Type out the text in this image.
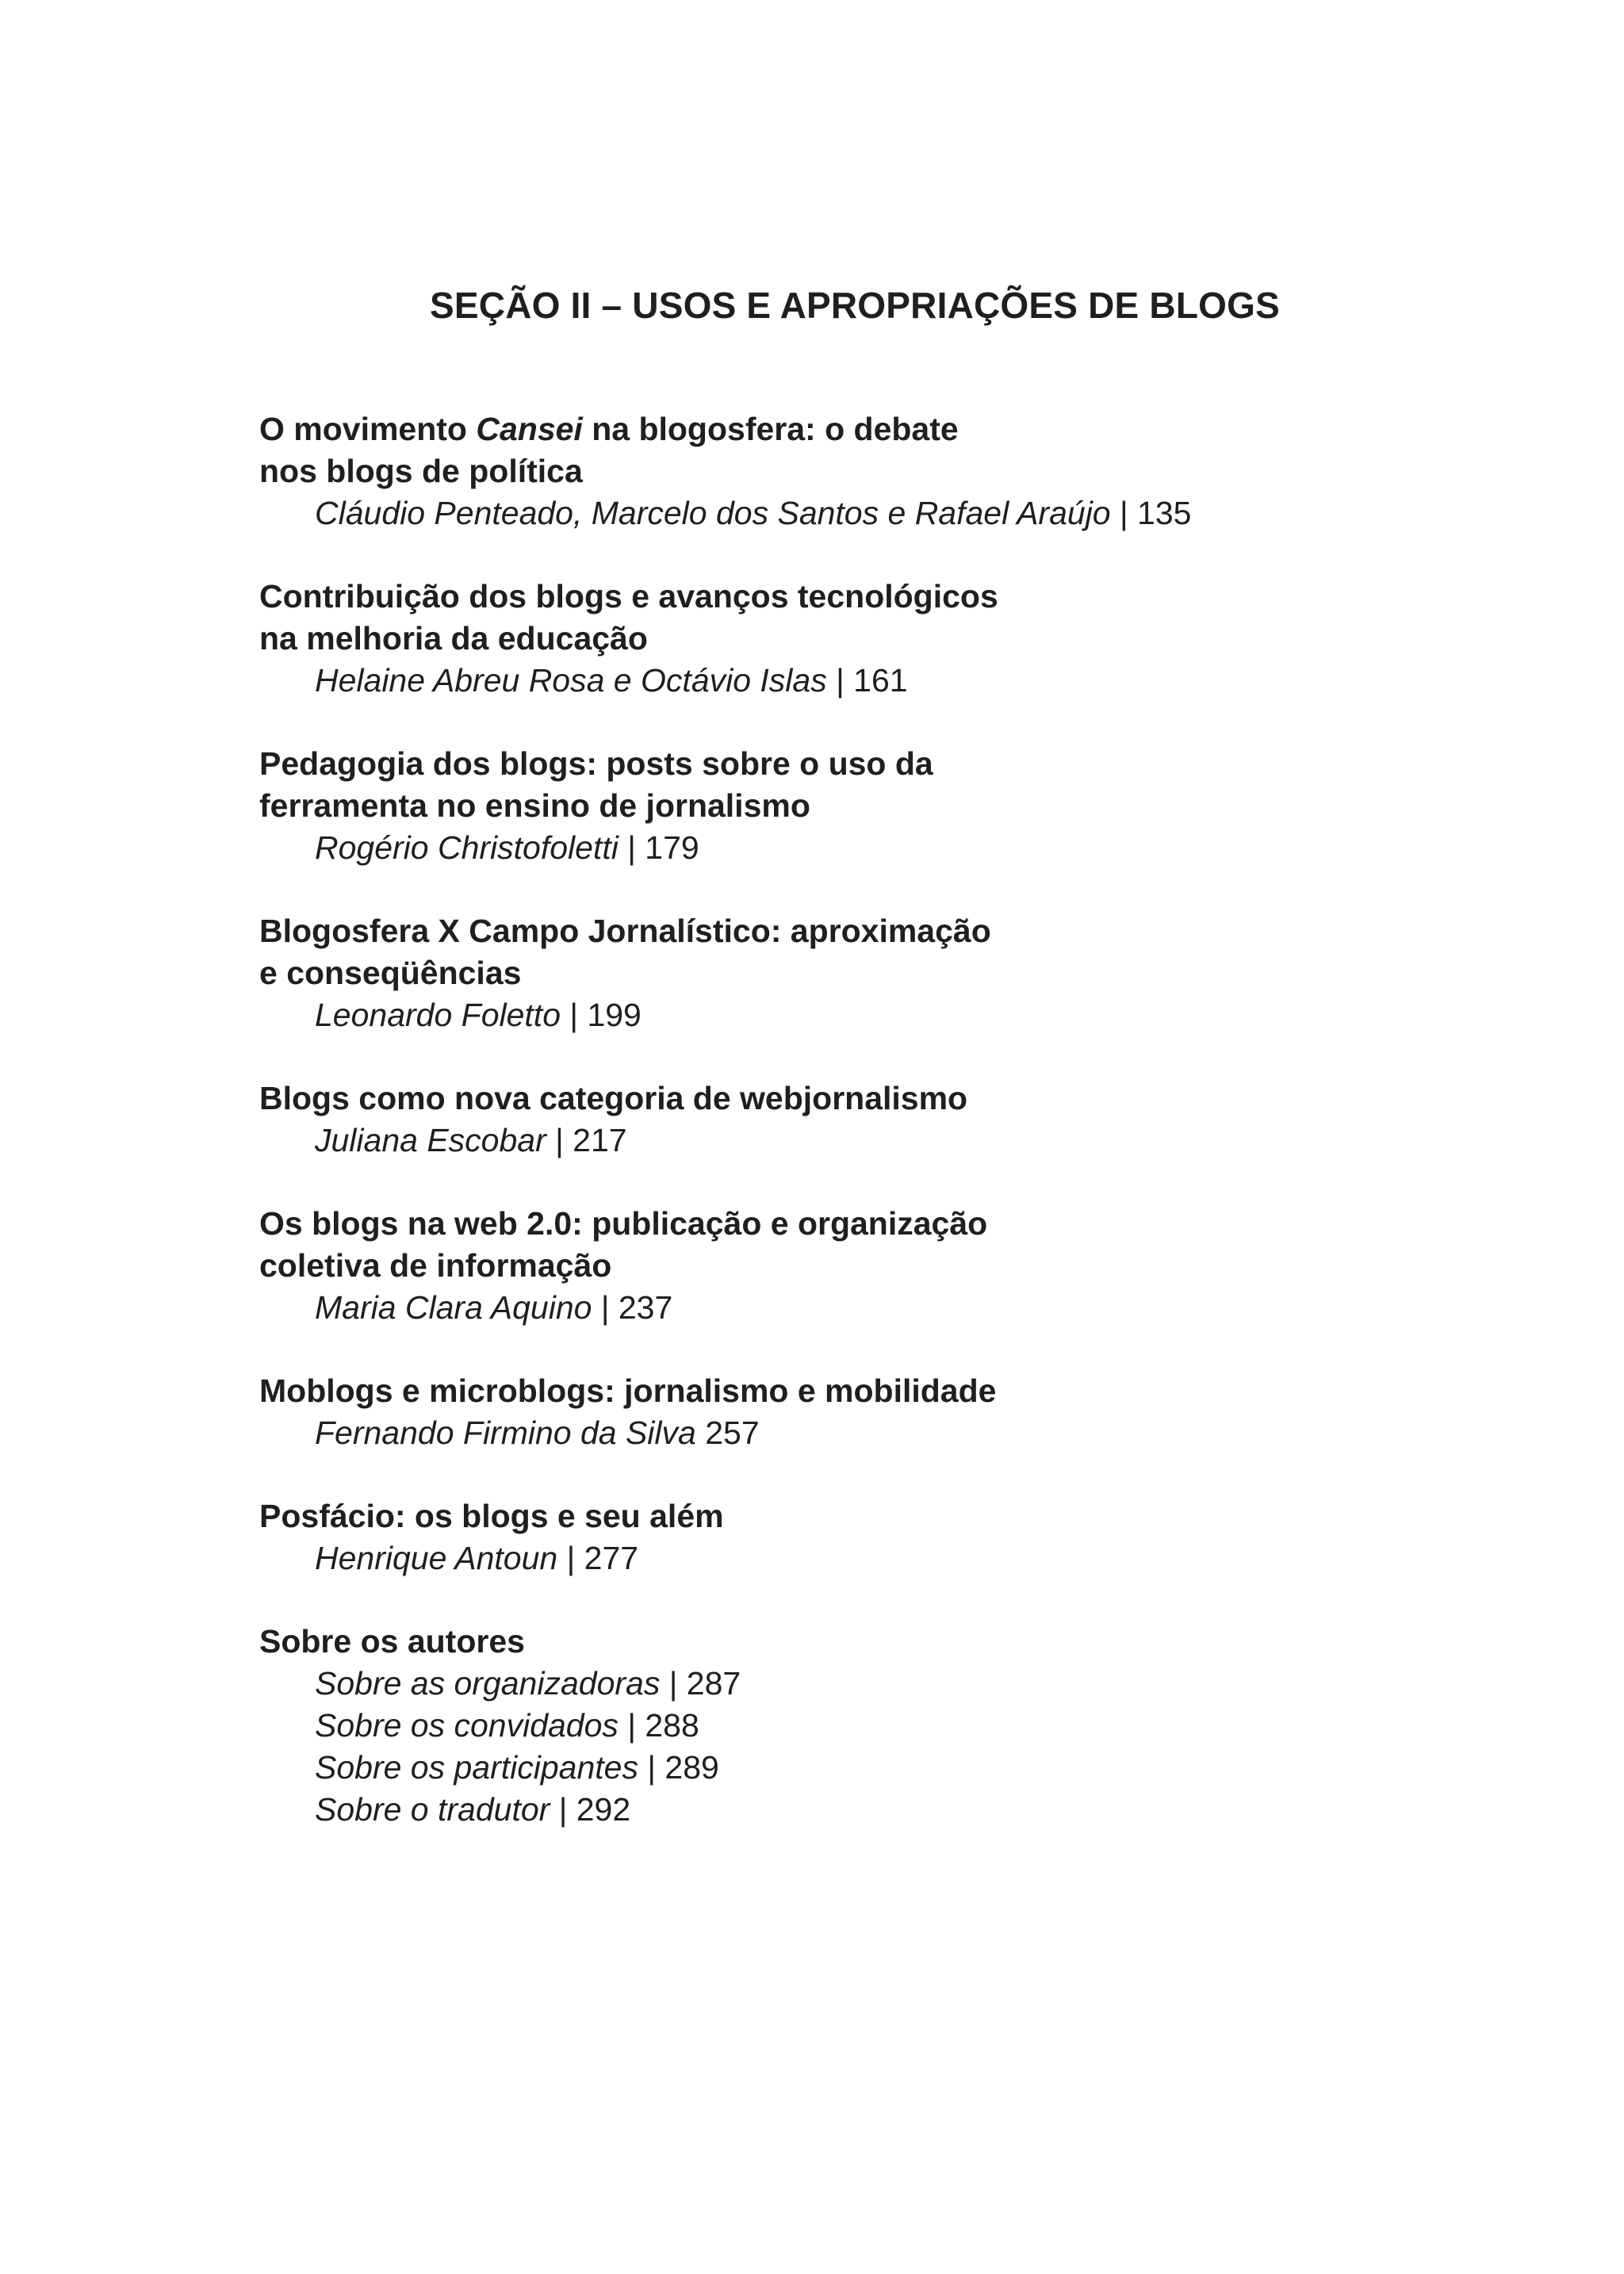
SEÇÃO II – USOS E APROPRIAÇÕES DE BLOGS

O movimento Cansei na blogosfera: o debate
nos blogs de política

Cláudio Penteado, Marcelo dos Santos e Rafael Araújo | 135

Contribuição dos blogs e avanços tecnológicos
na melhoria da educação

Helaine Abreu Rosa e Octávio Islas | 161

Pedagogia dos blogs: posts sobre o uso da
ferramenta no ensino de jornalismo

Rogério Christofoletti | 179

Blogosfera X Campo Jornalístico: aproximação
e conseqüências

Leonardo Foletto | 199

Blogs como nova categoria de webjornalismo

Juliana Escobar | 217

Os blogs na web 2.0: publicação e organização
coletiva de informação

Maria Clara Aquino | 237

Moblogs e microblogs: jornalismo e mobilidade

Fernando Firmino da Silva 257

Posfácio: os blogs e seu além

Henrique Antoun | 277

Sobre os autores

Sobre as organizadoras | 287

Sobre os convidados | 288

Sobre os participantes | 289

Sobre o tradutor | 292
